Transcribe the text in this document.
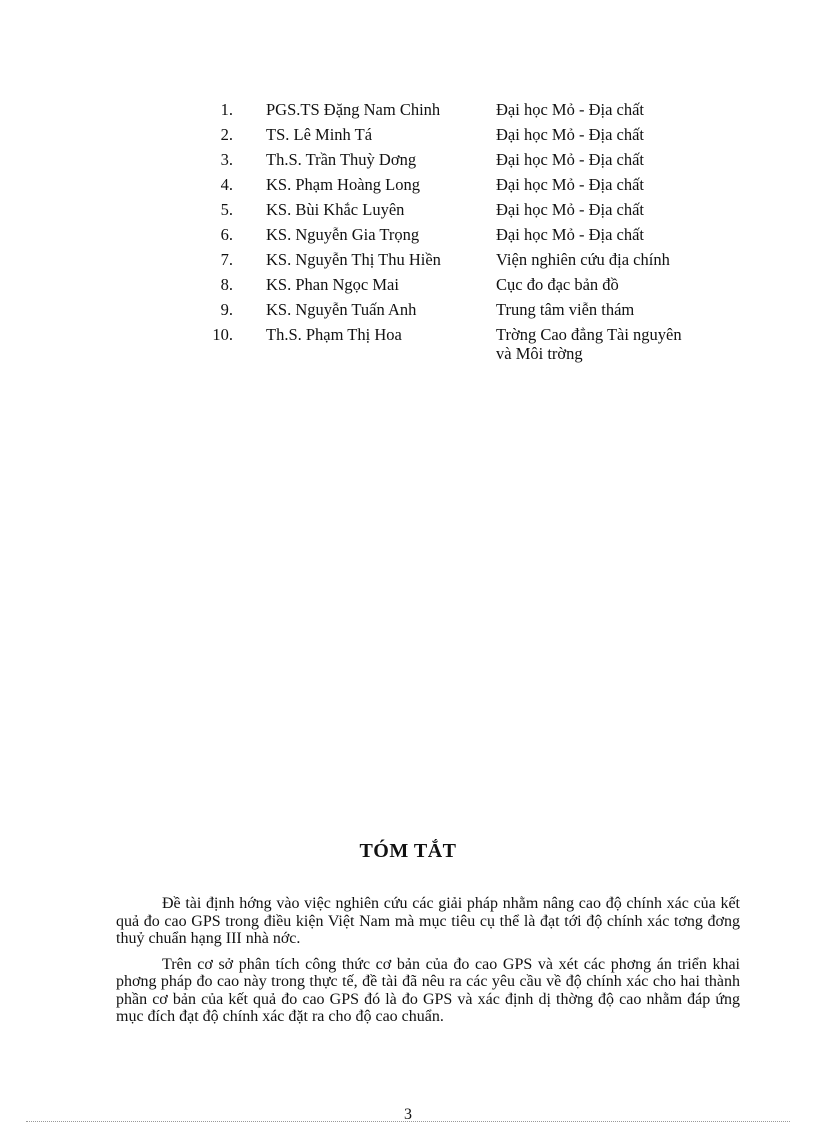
1. PGS.TS Đặng Nam Chinh	Đại học Mỏ - Địa chất
2. TS. Lê Minh Tá	Đại học Mỏ - Địa chất
3. Th.S. Trần Thuỳ Dơng	Đại học Mỏ - Địa chất
4. KS. Phạm Hoàng Long	Đại học Mỏ - Địa chất
5. KS. Bùi Khắc Luyên	Đại học Mỏ - Địa chất
6. KS. Nguyễn Gia Trọng	Đại học Mỏ - Địa chất
7. KS. Nguyễn Thị Thu Hiền	Viện nghiên cứu địa chính
8. KS. Phan Ngọc Mai	Cục đo đạc bản đồ
9. KS. Nguyễn Tuấn Anh	Trung tâm viễn thám
10. Th.S. Phạm Thị Hoa	Trờng Cao đẳng Tài nguyên
và Môi trờng
TÓM TẮT

Đề tài định hớng vào việc nghiên cứu các giải pháp nhằm nâng cao độ chính xác của kết quả đo cao GPS trong điều kiện Việt Nam mà mục tiêu cụ thể là đạt tới độ chính xác tơng đơng thuỷ chuẩn hạng III nhà nớc.

Trên cơ sở phân tích công thức cơ bản của đo cao GPS và xét các phơng án triển khai phơng pháp đo cao này trong thực tế, đề tài đã nêu ra các yêu cầu về độ chính xác cho hai thành phần cơ bản của kết quả đo cao GPS đó là đo GPS và xác định dị thờng độ cao nhằm đáp ứng mục đích đạt độ chính xác đặt ra cho độ cao chuẩn.

3
